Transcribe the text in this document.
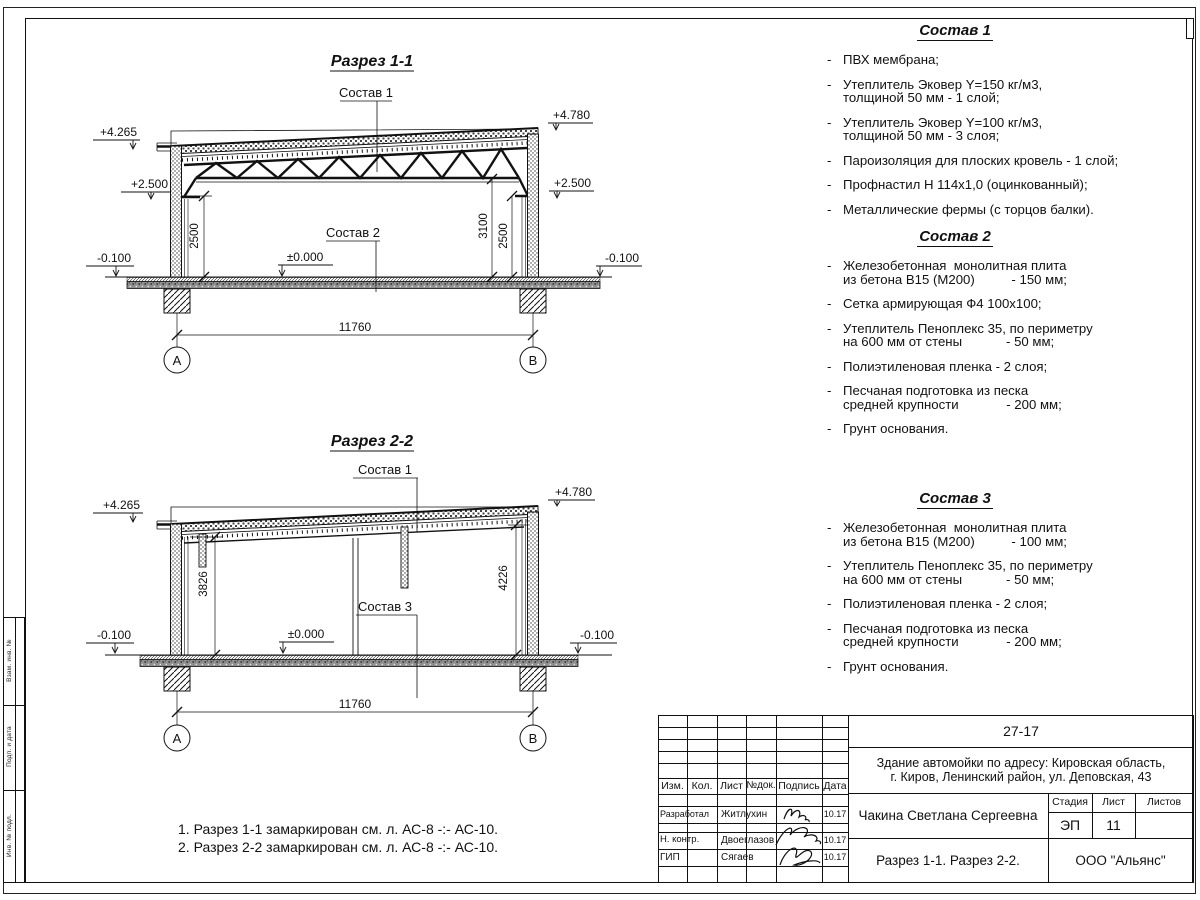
Взам. инв. №
Подп. и дата
Инв. № подл.
Разрез 1-1
Состав 1
Состав 2
+4.265
+2.500
+4.780
+2.500
-0.100	±0.000	-0.100
2500	3100 2500
11760
А	В
Разрез 2-2
Состав 1
Состав 3
+4.265
+4.780
-0.100	±0.000	-0.100
3826	4226
11760
А	В
1. Разрез 1-1 замаркирован см. л. АС-8 -:- АС-10.
2. Разрез 2-2 замаркирован см. л. АС-8 -:- АС-10.
Состав 1
- ПВХ мембрана;
- Утеплитель Эковер Y=150 кг/м3,
толщиной 50 мм - 1 слой;
- Утеплитель Эковер Y=100 кг/м3,
толщиной 50 мм - 3 слоя;
- Пароизоляция для плоских кровель - 1 слой;
- Профнастил Н 114х1,0 (оцинкованный);
- Металлические фермы (с торцов балки).
Состав 2
- Железобетонная  монолитная плита
из бетона В15 (М200)          - 150 мм;
- Сетка армирующая Ф4 100х100;
- Утеплитель Пеноплекс 35, по периметру
на 600 мм от стены            - 50 мм;
- Полиэтиленовая пленка - 2 слоя;
- Песчаная подготовка из песка
средней крупности             - 200 мм;
- Грунт основания.
Состав 3
- Железобетонная  монолитная плита
из бетона В15 (М200)          - 100 мм;
- Утеплитель Пеноплекс 35, по периметру
на 600 мм от стены            - 50 мм;
- Полиэтиленовая пленка - 2 слоя;
- Песчаная подготовка из песка
средней крупности             - 200 мм;
- Грунт основания.
Изм. Кол. Лист №док. Подпись Дата
Разработал	Житлухин	10.17
Н. контр.	Двоеглазов	10.17
ГИП	Сягаев	10.17
27-17
Здание автомойки по адресу: Кировская область,
г. Киров, Ленинский район, ул. Деповская, 43
Чакина Светлана Сергеевна
Стадия	Лист	Листов
ЭП	11
Разрез 1-1. Разрез 2-2.	ООО "Альянс"
